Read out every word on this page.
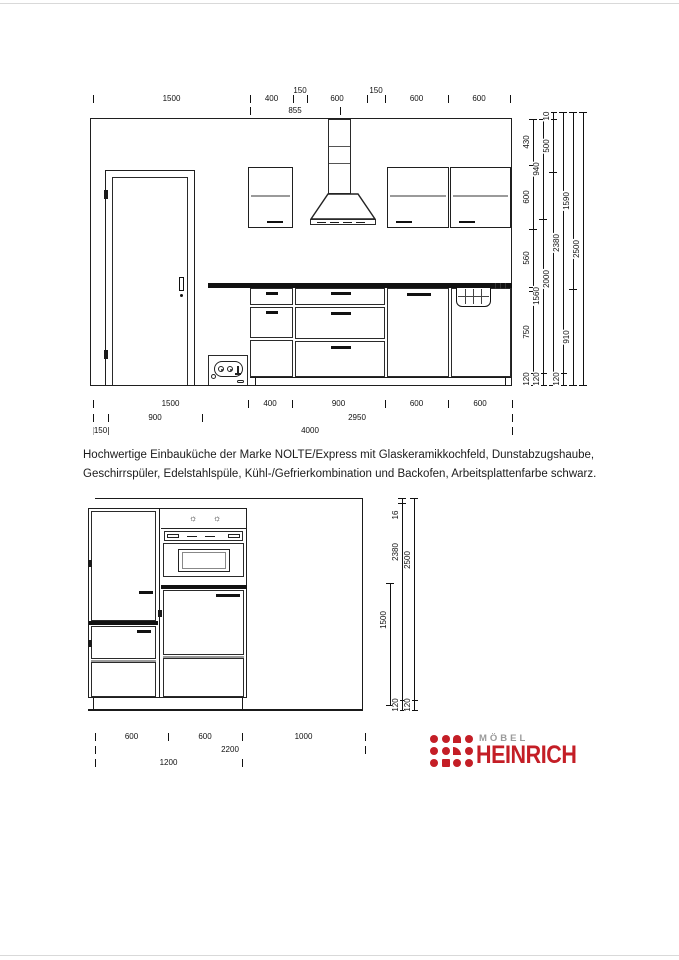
Hochwertige Einbauküche der Marke NOLTE/Express mit Glaskeramikkochfeld, Dunstabzugshaube,
Geschirrspüler, Edelstahlspüle, Kühl-/Gefrierkombination und Backofen, Arbeitsplattenfarbe schwarz.
☼ ☼
MÖBEL
HEINRICH
1500	400
150
600
150
600	600
855
1500	400	900	600	600
900	2950
150	4000
430
600
560
750
120
940
1560
120
10
500
2000
2380
120
1590
910
2500
600	600	1000
2200
1200
1500
16
2380
120
2500
120
